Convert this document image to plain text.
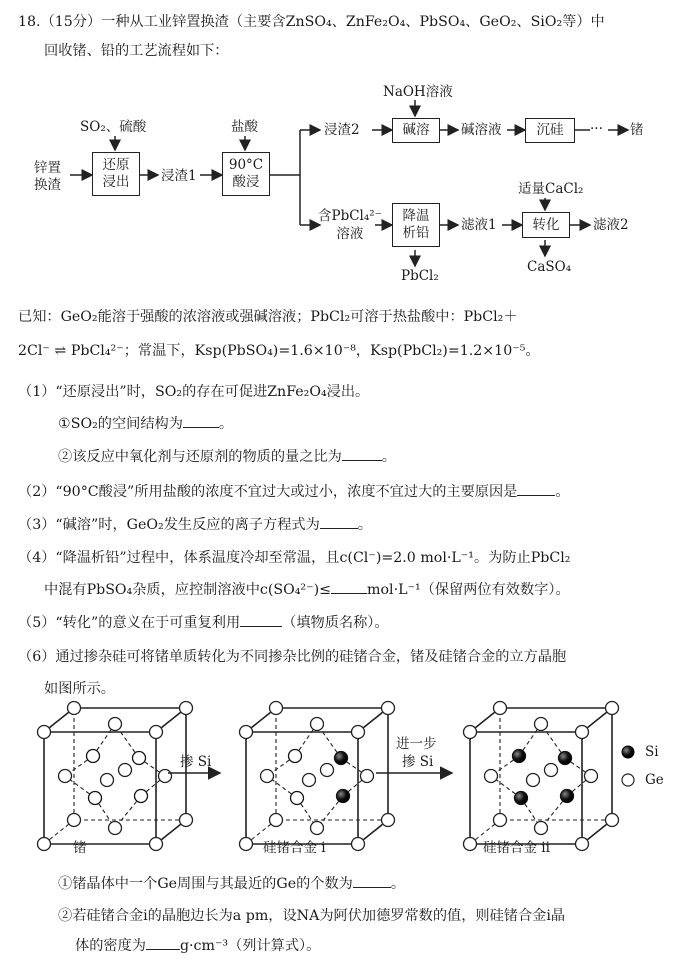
18.（15分）一种从工业锌置换渣（主要含ZnSO₄、ZnFe₂O₄、PbSO₄、GeO₂、SiO₂等）中
回收锗、铅的工艺流程如下：
锌置
换渣
SO₂、硫酸
还原
浸出 浸渣1
盐酸
90°C
酸浸
浸渣2
NaOH溶液
碱溶	碱溶液	沉硅	··· 锗
含PbCl₄²⁻
溶液
降温
析铅
PbCl₂
滤液1
适量CaCl₂
转化	滤液2
CaSO₄
已知：GeO₂能溶于强酸的浓溶液或强碱溶液；PbCl₂可溶于热盐酸中：PbCl₂＋
2Cl⁻ ⇌ PbCl₄²⁻；常温下，Ksp(PbSO₄)=1.6×10⁻⁸，Ksp(PbCl₂)=1.2×10⁻⁵。
（1）“还原浸出”时，SO₂的存在可促进ZnFe₂O₄浸出。
①SO₂的空间结构为	。
②该反应中氧化剂与还原剂的物质的量之比为	。
（2）“90°C酸浸”所用盐酸的浓度不宜过大或过小，浓度不宜过大的主要原因是	。
（3）“碱溶”时，GeO₂发生反应的离子方程式为	。
（4）“降温析铅”过程中，体系温度冷却至常温，且c(Cl⁻)=2.0 mol·L⁻¹。为防止PbCl₂
中混有PbSO₄杂质，应控制溶液中c(SO₄²⁻)≤	mol·L⁻¹（保留两位有效数字）。
（5）“转化”的意义在于可重复利用	（填物质名称）。
（6）通过掺杂硅可将锗单质转化为不同掺杂比例的硅锗合金，锗及硅锗合金的立方晶胞
如图所示。
掺 Si
进一步
掺 Si
Si
Ge
锗	硅锗合金 i	硅锗合金 ii
①锗晶体中一个Ge周围与其最近的Ge的个数为	。
②若硅锗合金i的晶胞边长为a pm，设NA为阿伏加德罗常数的值，则硅锗合金i晶
体的密度为 g·cm⁻³（列计算式）。
